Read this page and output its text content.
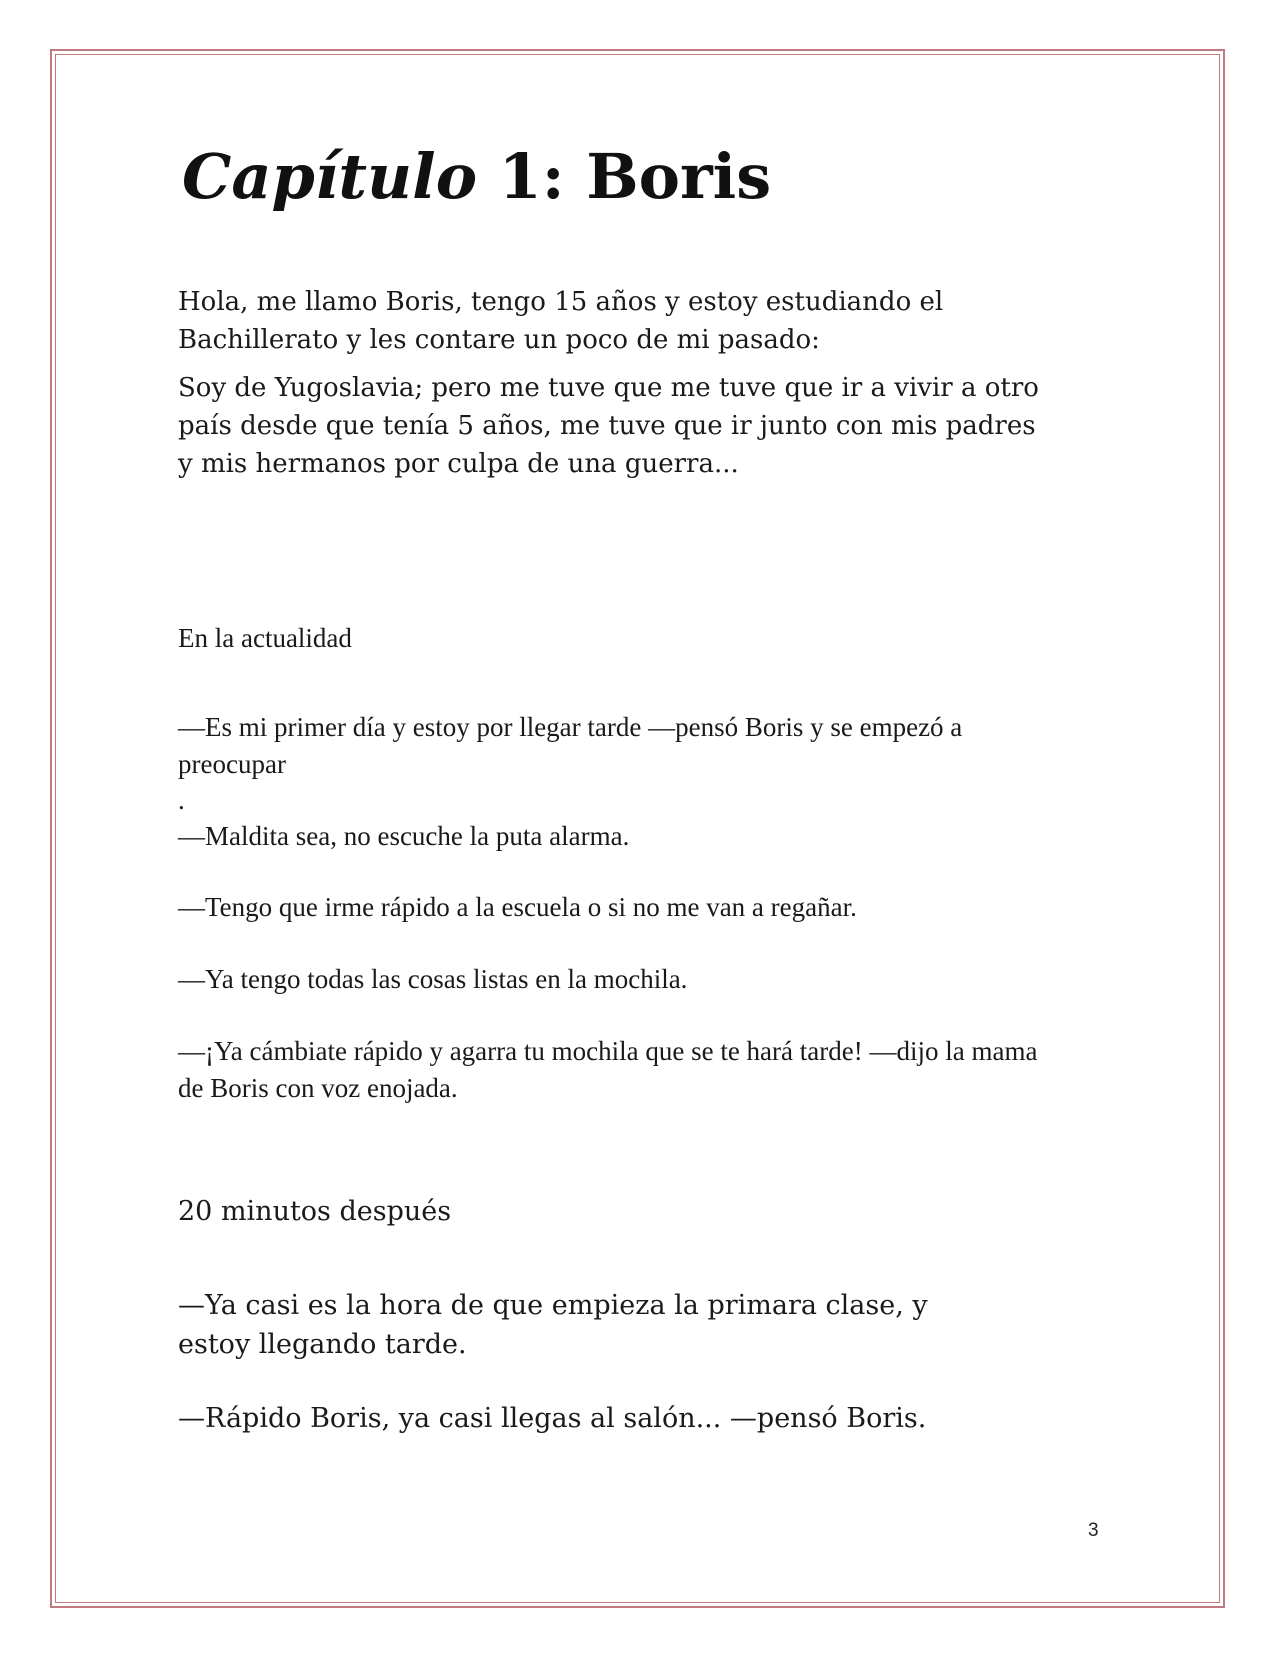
Capítulo 1: Boris

Hola, me llamo Boris, tengo 15 años y estoy estudiando el Bachillerato y les contare un poco de mi pasado:

Soy de Yugoslavia; pero me tuve que me tuve que ir a vivir a otro país desde que tenía 5 años, me tuve que ir junto con mis padres y mis hermanos por culpa de una guerra...

En la actualidad

—Es mi primer día y estoy por llegar tarde —pensó Boris y se empezó a preocupar

.

—Maldita sea, no escuche la puta alarma.

—Tengo que irme rápido a la escuela o si no me van a regañar.

—Ya tengo todas las cosas listas en la mochila.

—¡Ya cámbiate rápido y agarra tu mochila que se te hará tarde! —dijo la mama de Boris con voz enojada.

20 minutos después

—Ya casi es la hora de que empieza la primara clase, y    estoy llegando tarde.

—Rápido Boris, ya casi llegas al salón... —pensó Boris.

3
